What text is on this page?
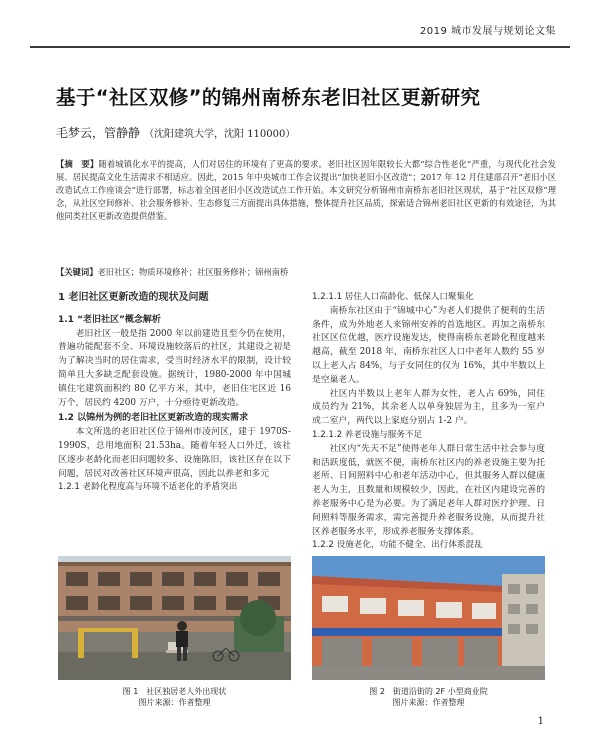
2019 城市发展与规划论文集
基于“社区双修”的锦州南桥东老旧社区更新研究
毛梦云，管静静 （沈阳建筑大学，沈阳 110000）
【摘　要】随着城镇化水平的提高，人们对居住的环境有了更高的要求。老旧社区因年限较长大都“综合性老化”严重，与现代化社会发展、居民提高文化生活需求不相适应。因此，2015 年中央城市工作会议提出“加快老旧小区改造”；2017 年 12 月住建部召开“老旧小区改造试点工作座谈会”进行部署，标志着全国老旧小区改造试点工作开始。本文研究分析锦州市南桥东老旧社区现状，基于“社区双修”理念，从社区空间修补、社会服务修补、生态修复三方面提出具体措施，整体提升社区品质，探索适合锦州老旧社区更新的有效途径，为其他同类社区更新改造提供借鉴。
【关键词】老旧社区；物质环境修补；社区服务修补；锦州南桥
1 老旧社区更新改造的现状及问题
1.1 “老旧社区”概念解析

老旧社区一般是指 2000 年以前建造且至今仍在使用，普遍功能配套不全、环境设施较落后的社区，其建设之初是为了解决当时的居住需求，受当时经济水平的限制，设计较简单且大多缺乏配套设施。据统计，1980-2000 年中国城镇住宅建筑面积约 80 亿平方米，其中，老旧住宅区近 16 万个，居民约 4200 万户，十分亟待更新改造。

1.2 以锦州为例的老旧社区更新改造的现实需求

本文所选的老旧社区位于锦州市凌河区，建于 1970S-1990S，总用地面积 21.53ha。随着年轻人口外迁，该社区逐步老龄化而老旧问题较多、设施陈旧，该社区存在以下问题，居民对改善社区环境声很高，因此以养老和多元

1.2.1 老龄化程度高与环境不适老化的矛盾突出
1.2.1.1 居住人口高龄化、低保人口聚集化

南桥东社区由于“锦城中心”为老人们提供了便利的生活条件，成为外地老人来锦州安养的首选地区。再加之南桥东社区区位优越，医疗设施发达，使得南桥东老龄化程度越来越高，截至 2018 年，南桥东社区人口中老年人数约 55 岁以上老人占 84%，与子女同住的仅为 16%，其中半数以上是空巢老人。

社区内半数以上老年人群为女性，老人占 69%，同住成员约为 21%，其余老人以单身独居为主，且多为一室户或二室户，两代以上家庭分别占 1-2 户。

1.2.1.2 养老设施与服务不足

社区内“先天不足”使得老年人群日常生活中社会参与度和活跃度低，就医不便，南桥东社区内的养老设施主要为托老所、日间照料中心和老年活动中心，但其服务人群以健康老人为主，且数量和规模较少，因此，在社区内建设完善的养老服务中心是为必要。为了满足老年人群对医疗护理、日间照料等服务需求，需完善提升养老服务设施，从而提升社区养老服务水平，形成养老服务支撑体系。

1.2.2 设施老化，功能不健全、出行体系混乱
图 1　社区独居老人外出现状
图片来源：作者整理
图 2　街道沿街的 2F 小型商业院
图片来源：作者整理
1
